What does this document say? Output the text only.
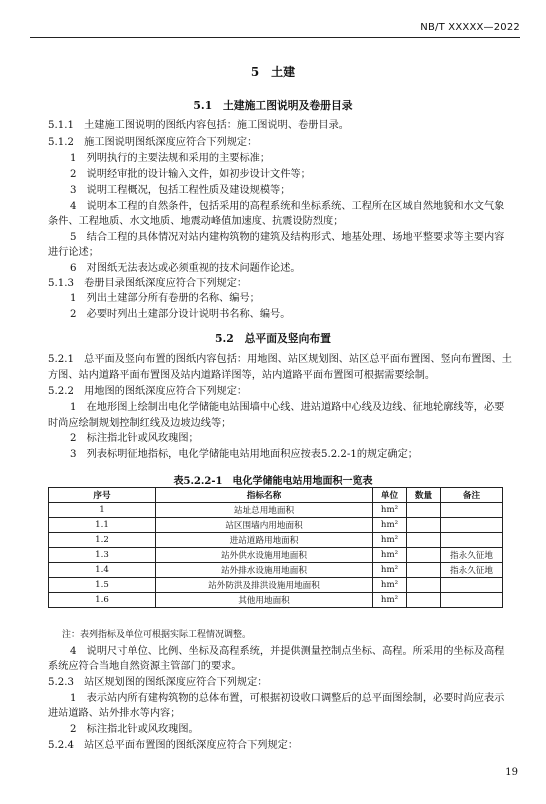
NB/T XXXXX—2022
5　土建
5.1　土建施工图说明及卷册目录
5.1.1　土建施工图说明的图纸内容包括：施工图说明、卷册目录。
5.1.2　施工图说明图纸深度应符合下列规定：
1　列明执行的主要法规和采用的主要标准；
2　说明经审批的设计输入文件，如初步设计文件等；
3　说明工程概况，包括工程性质及建设规模等；
4　说明本工程的自然条件，包括采用的高程系统和坐标系统、工程所在区域自然地貌和水文气象
条件、工程地质、水文地质、地震动峰值加速度、抗震设防烈度；
5　结合工程的具体情况对站内建构筑物的建筑及结构形式、地基处理、场地平整要求等主要内容
进行论述；
6　对图纸无法表达或必须重视的技术问题作论述。
5.1.3　卷册目录图纸深度应符合下列规定：
1　列出土建部分所有卷册的名称、编号；
2　必要时列出土建部分设计说明书名称、编号。
5.2　总平面及竖向布置
5.2.1　总平面及竖向布置的图纸内容包括：用地图、站区规划图、站区总平面布置图、竖向布置图、土
方图、站内道路平面布置图及站内道路详图等，站内道路平面布置图可根据需要绘制。
5.2.2　用地图的图纸深度应符合下列规定：
1　在地形图上绘制出电化学储能电站围墙中心线、进站道路中心线及边线、征地轮廓线等，必要
时尚应绘制规划控制红线及边坡边线等；
2　标注指北针或风玫瑰图；
3　列表标明征地指标，电化学储能电站用地面积应按表5.2.2-1的规定确定；
表5.2.2-1　电化学储能电站用地面积一览表
序号	指标名称	单位	数量	备注
1	站址总用地面积	hm²		
1.1	站区围墙内用地面积	hm²		
1.2	进站道路用地面积	hm²		
1.3	站外供水设施用地面积	hm²		指永久征地
1.4	站外排水设施用地面积	hm²		指永久征地
1.5	站外防洪及排洪设施用地面积	hm²		
1.6	其他用地面积	hm²		
注：表列指标及单位可根据实际工程情况调整。
4　说明尺寸单位、比例、坐标及高程系统，并提供测量控制点坐标、高程。所采用的坐标及高程
系统应符合当地自然资源主管部门的要求。
5.2.3　站区规划图的图纸深度应符合下列规定：
1　表示站内所有建构筑物的总体布置，可根据初设收口调整后的总平面图绘制，必要时尚应表示
进站道路、站外排水等内容；
2　标注指北针或风玫瑰图。
5.2.4　站区总平面布置图的图纸深度应符合下列规定：
19
